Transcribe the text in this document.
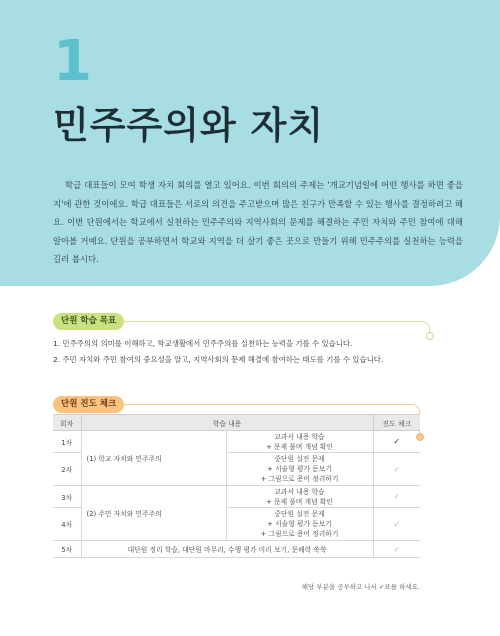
1
민주주의와 자치

학급 대표들이 모여 학생 자치 회의를 열고 있어요. 이번 회의의 주제는 '개교기념일에 어떤 행사를 하면 좋을지'에 관한 것이에요. 학급 대표들은 서로의 의견을 주고받으며 많은 친구가 만족할 수 있는 행사를 결정하려고 해요. 이번 단원에서는 학교에서 실천하는 민주주의와 지역사회의 문제를 해결하는 주민 자치와 주민 참여에 대해 알아볼 거예요. 단원을 공부하면서 학교와 지역을 더 살기 좋은 곳으로 만들기 위해 민주주의를 실천하는 능력을 길러 봅시다.

단원 학습 목표
1. 민주주의의 의미를 이해하고, 학교생활에서 민주주의를 실천하는 능력을 기를 수 있습니다.
2. 주민 자치와 주민 참여의 중요성을 알고, 지역사회의 문제 해결에 참여하는 태도를 기를 수 있습니다.
단원 진도 체크
회차	학습 내용		진도 체크
1차	(1) 학교 자치와 민주주의	교과서 내용 학습
+ 문제 풀며 개념 확인	✓
2차		중단원 실전 문제
+ 서술형 평가 돋보기
+ 그림으로 용어 정리하기	✓
3차	(2) 주민 자치와 민주주의	교과서 내용 학습
+ 문제 풀며 개념 확인	✓
4차		중단원 실전 문제
+ 서술형 평가 돋보기
+ 그림으로 용어 정리하기	✓
5차	대단원 정리 학습, 대단원 마무리, 수행 평가 미리 보기, 문해력 쑥쑥		✓
해당 부분을 공부하고 나서 ✓표를 하세요.
